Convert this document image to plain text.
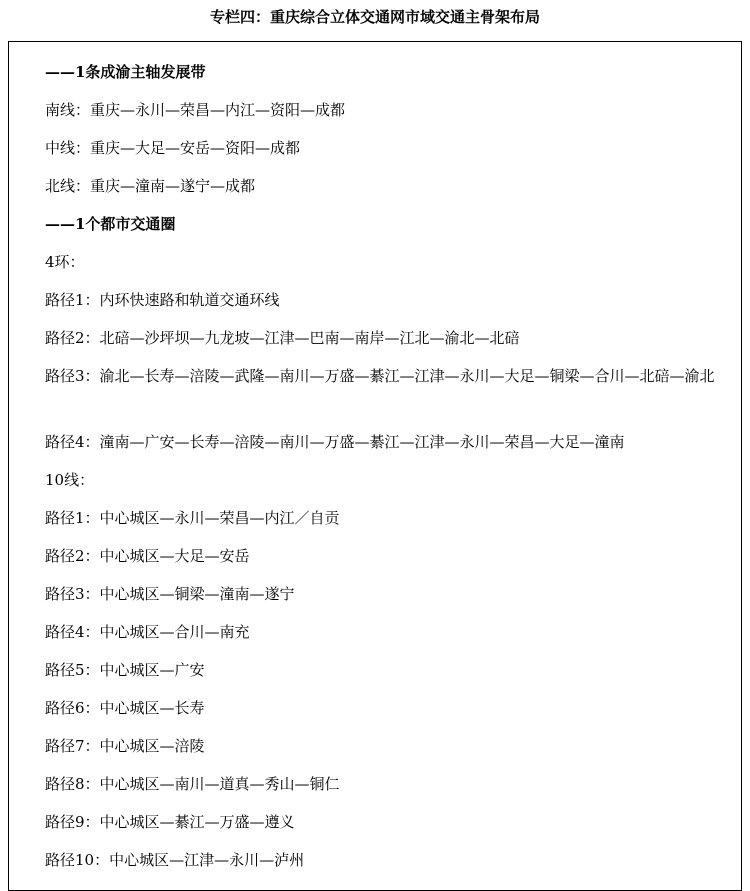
专栏四：重庆综合立体交通网市域交通主骨架布局
——1条成渝主轴发展带
南线：重庆—永川—荣昌—内江—资阳—成都
中线：重庆—大足—安岳—资阳—成都
北线：重庆—潼南—遂宁—成都
——1个都市交通圈
4环：
路径1：内环快速路和轨道交通环线
路径2：北碚—沙坪坝—九龙坡—江津—巴南—南岸—江北—渝北—北碚
路径3：渝北—长寿—涪陵—武隆—南川—万盛—綦江—江津—永川—大足—铜梁—合川—北碚—渝北
路径4：潼南—广安—长寿—涪陵—南川—万盛—綦江—江津—永川—荣昌—大足—潼南
10线：
路径1：中心城区—永川—荣昌—内江／自贡
路径2：中心城区—大足—安岳
路径3：中心城区—铜梁—潼南—遂宁
路径4：中心城区—合川—南充
路径5：中心城区—广安
路径6：中心城区—长寿
路径7：中心城区—涪陵
路径8：中心城区—南川—道真—秀山—铜仁
路径9：中心城区—綦江—万盛—遵义
路径10：中心城区—江津—永川—泸州
